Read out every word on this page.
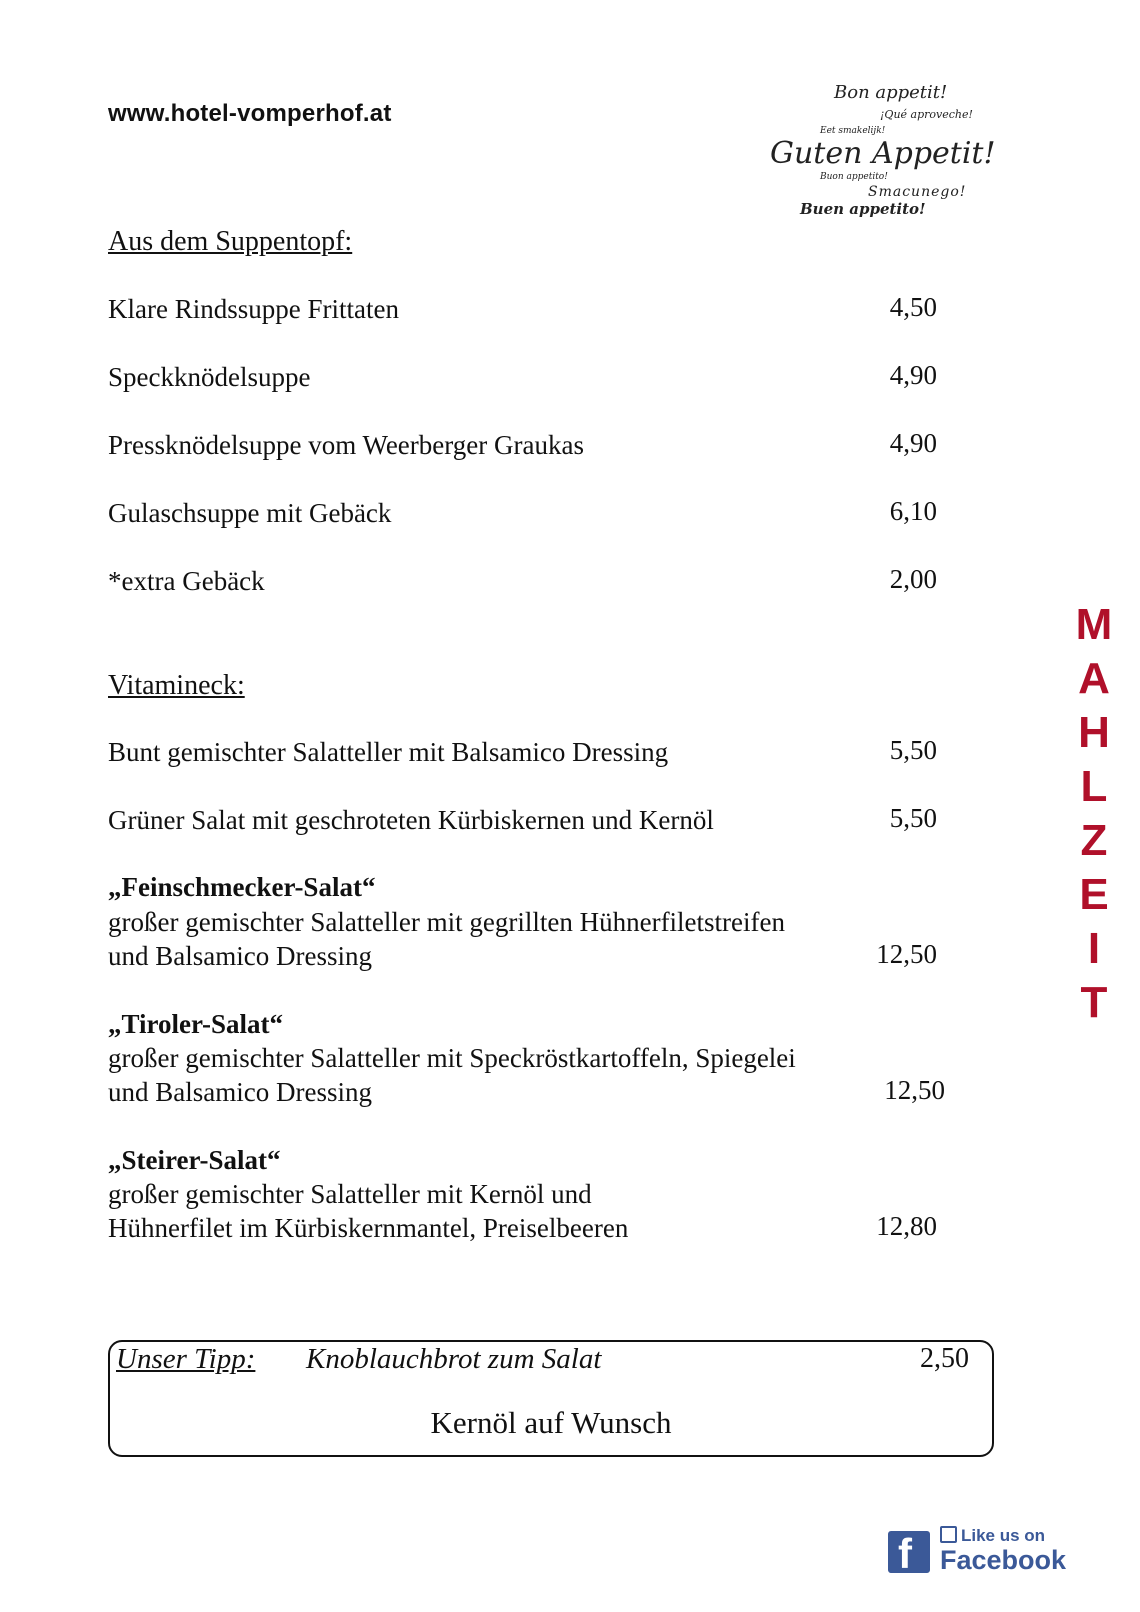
www.hotel-vomperhof.at
Bon appetit!
¡Qué aproveche!
Eet smakelijk!
Guten Appetit!
Buon appetito!
Smacunego!
Buen appetito!
Aus dem Suppentopf:
Klare Rindssuppe Frittaten	4,50
Speckknödelsuppe	4,90
Pressknödelsuppe vom Weerberger Graukas	4,90
Gulaschsuppe mit Gebäck	6,10
*extra Gebäck	2,00
Vitamineck:
Bunt gemischter Salatteller mit Balsamico Dressing	5,50
Grüner Salat mit geschroteten Kürbiskernen und Kernöl	5,50
„Feinschmecker-Salat“
großer gemischter Salatteller mit gegrillten Hühnerfiletstreifen
und Balsamico Dressing	12,50
„Tiroler-Salat“
großer gemischter Salatteller mit Speckröstkartoffeln, Spiegelei
und Balsamico Dressing	12,50
„Steirer-Salat“
großer gemischter Salatteller mit Kernöl und
Hühnerfilet im Kürbiskernmantel, Preiselbeeren	12,80
M
A
H
L
Z
E
I
T
Unser Tipp: Knoblauchbrot zum Salat	2,50
Kernöl auf Wunsch
f	Like us on
Facebook
